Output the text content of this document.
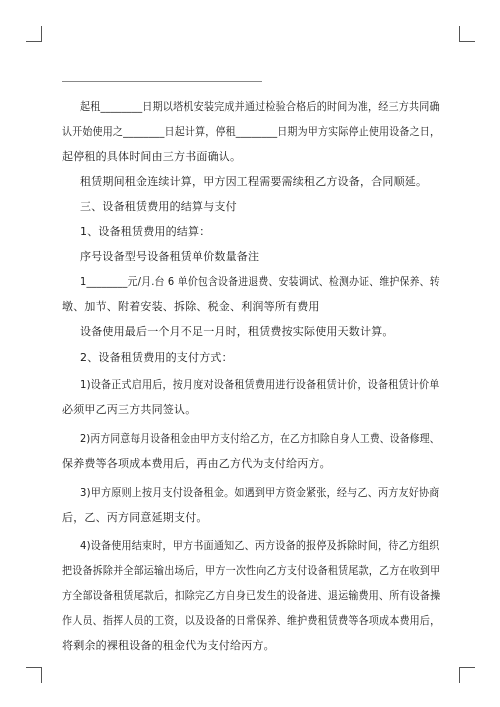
起租________日期以塔机安装完成并通过检验合格后的时间为准，经三方共同确
认开始使用之________日起计算，停租________日期为甲方实际停止使用设备之日，
起停租的具体时间由三方书面确认。
租赁期间租金连续计算，甲方因工程需要需续租乙方设备，合同顺延。
三、设备租赁费用的结算与支付
1、设备租赁费用的结算：
序号设备型号设备租赁单价数量备注
1________元/月.台 6 单价包含设备进退费、安装调试、检测办证、维护保养、转
墩、加节、附着安装、拆除、税金、利润等所有费用
设备使用最后一个月不足一月时，租赁费按实际使用天数计算。
2、设备租赁费用的支付方式：
1)设备正式启用后，按月度对设备租赁费用进行设备租赁计价，设备租赁计价单
必须甲乙丙三方共同签认。
2)丙方同意每月设备租金由甲方支付给乙方，在乙方扣除自身人工费、设备修理、
保养费等各项成本费用后，再由乙方代为支付给丙方。
3)甲方原则上按月支付设备租金。如遇到甲方资金紧张，经与乙、丙方友好协商
后，乙、丙方同意延期支付。
4)设备使用结束时，甲方书面通知乙、丙方设备的报停及拆除时间，待乙方组织
把设备拆除并全部运输出场后，甲方一次性向乙方支付设备租赁尾款，乙方在收到甲
方全部设备租赁尾款后，扣除完乙方自身已发生的设备进、退运输费用、所有设备操
作人员、指挥人员的工资，以及设备的日常保养、维护费租赁费等各项成本费用后，
将剩余的裸租设备的租金代为支付给丙方。
